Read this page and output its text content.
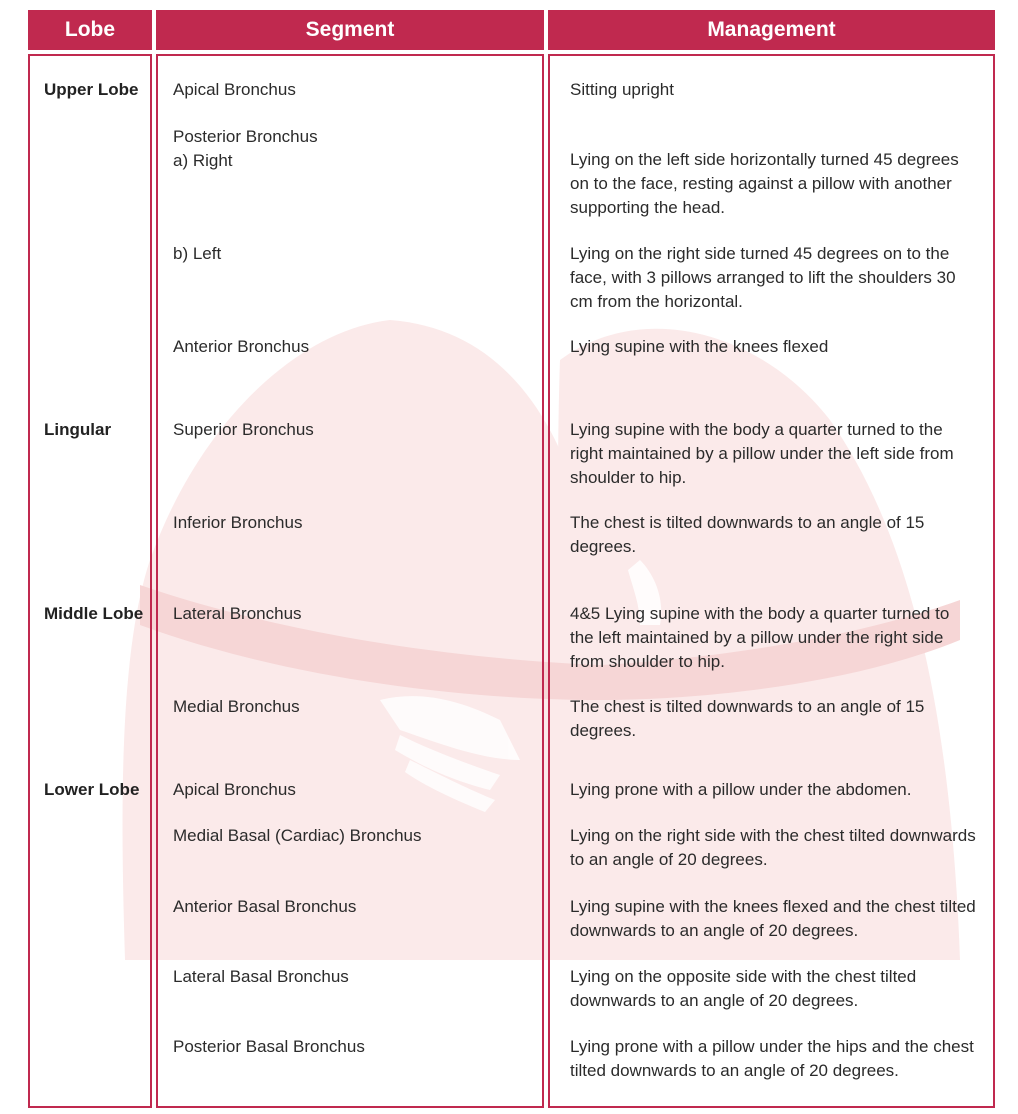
Lobe	Segment	Management
Upper Lobe
Lingular
Middle Lobe
Lower Lobe
Apical Bronchus
Posterior Bronchus
a) Right
b) Left
Anterior Bronchus
Superior Bronchus
Inferior Bronchus
Lateral Bronchus
Medial Bronchus
Apical Bronchus
Medial Basal (Cardiac) Bronchus
Anterior Basal Bronchus
Lateral Basal Bronchus
Posterior Basal Bronchus
Sitting upright
Lying on the left side horizontally turned 45 degrees
on to the face, resting against a pillow with another
supporting the head.
Lying on the right side turned 45 degrees on to the
face, with 3 pillows arranged to lift the shoulders 30
cm from the horizontal.
Lying supine with the knees flexed
Lying supine with the body a quarter turned to the
right maintained by a pillow under the left side from
shoulder to hip.
The chest is tilted downwards to an angle of 15
degrees.
4&5 Lying supine with the body a quarter turned to
the left maintained by a pillow under the right side
from shoulder to hip.
The chest is tilted downwards to an angle of 15
degrees.
Lying prone with a pillow under the abdomen.
Lying on the right side with the chest tilted downwards
to an angle of 20 degrees.
Lying supine with the knees flexed and the chest tilted
downwards to an angle of 20 degrees.
Lying on the opposite side with the chest tilted
downwards to an angle of 20 degrees.
Lying prone with a pillow under the hips and the chest
tilted downwards to an angle of 20 degrees.
